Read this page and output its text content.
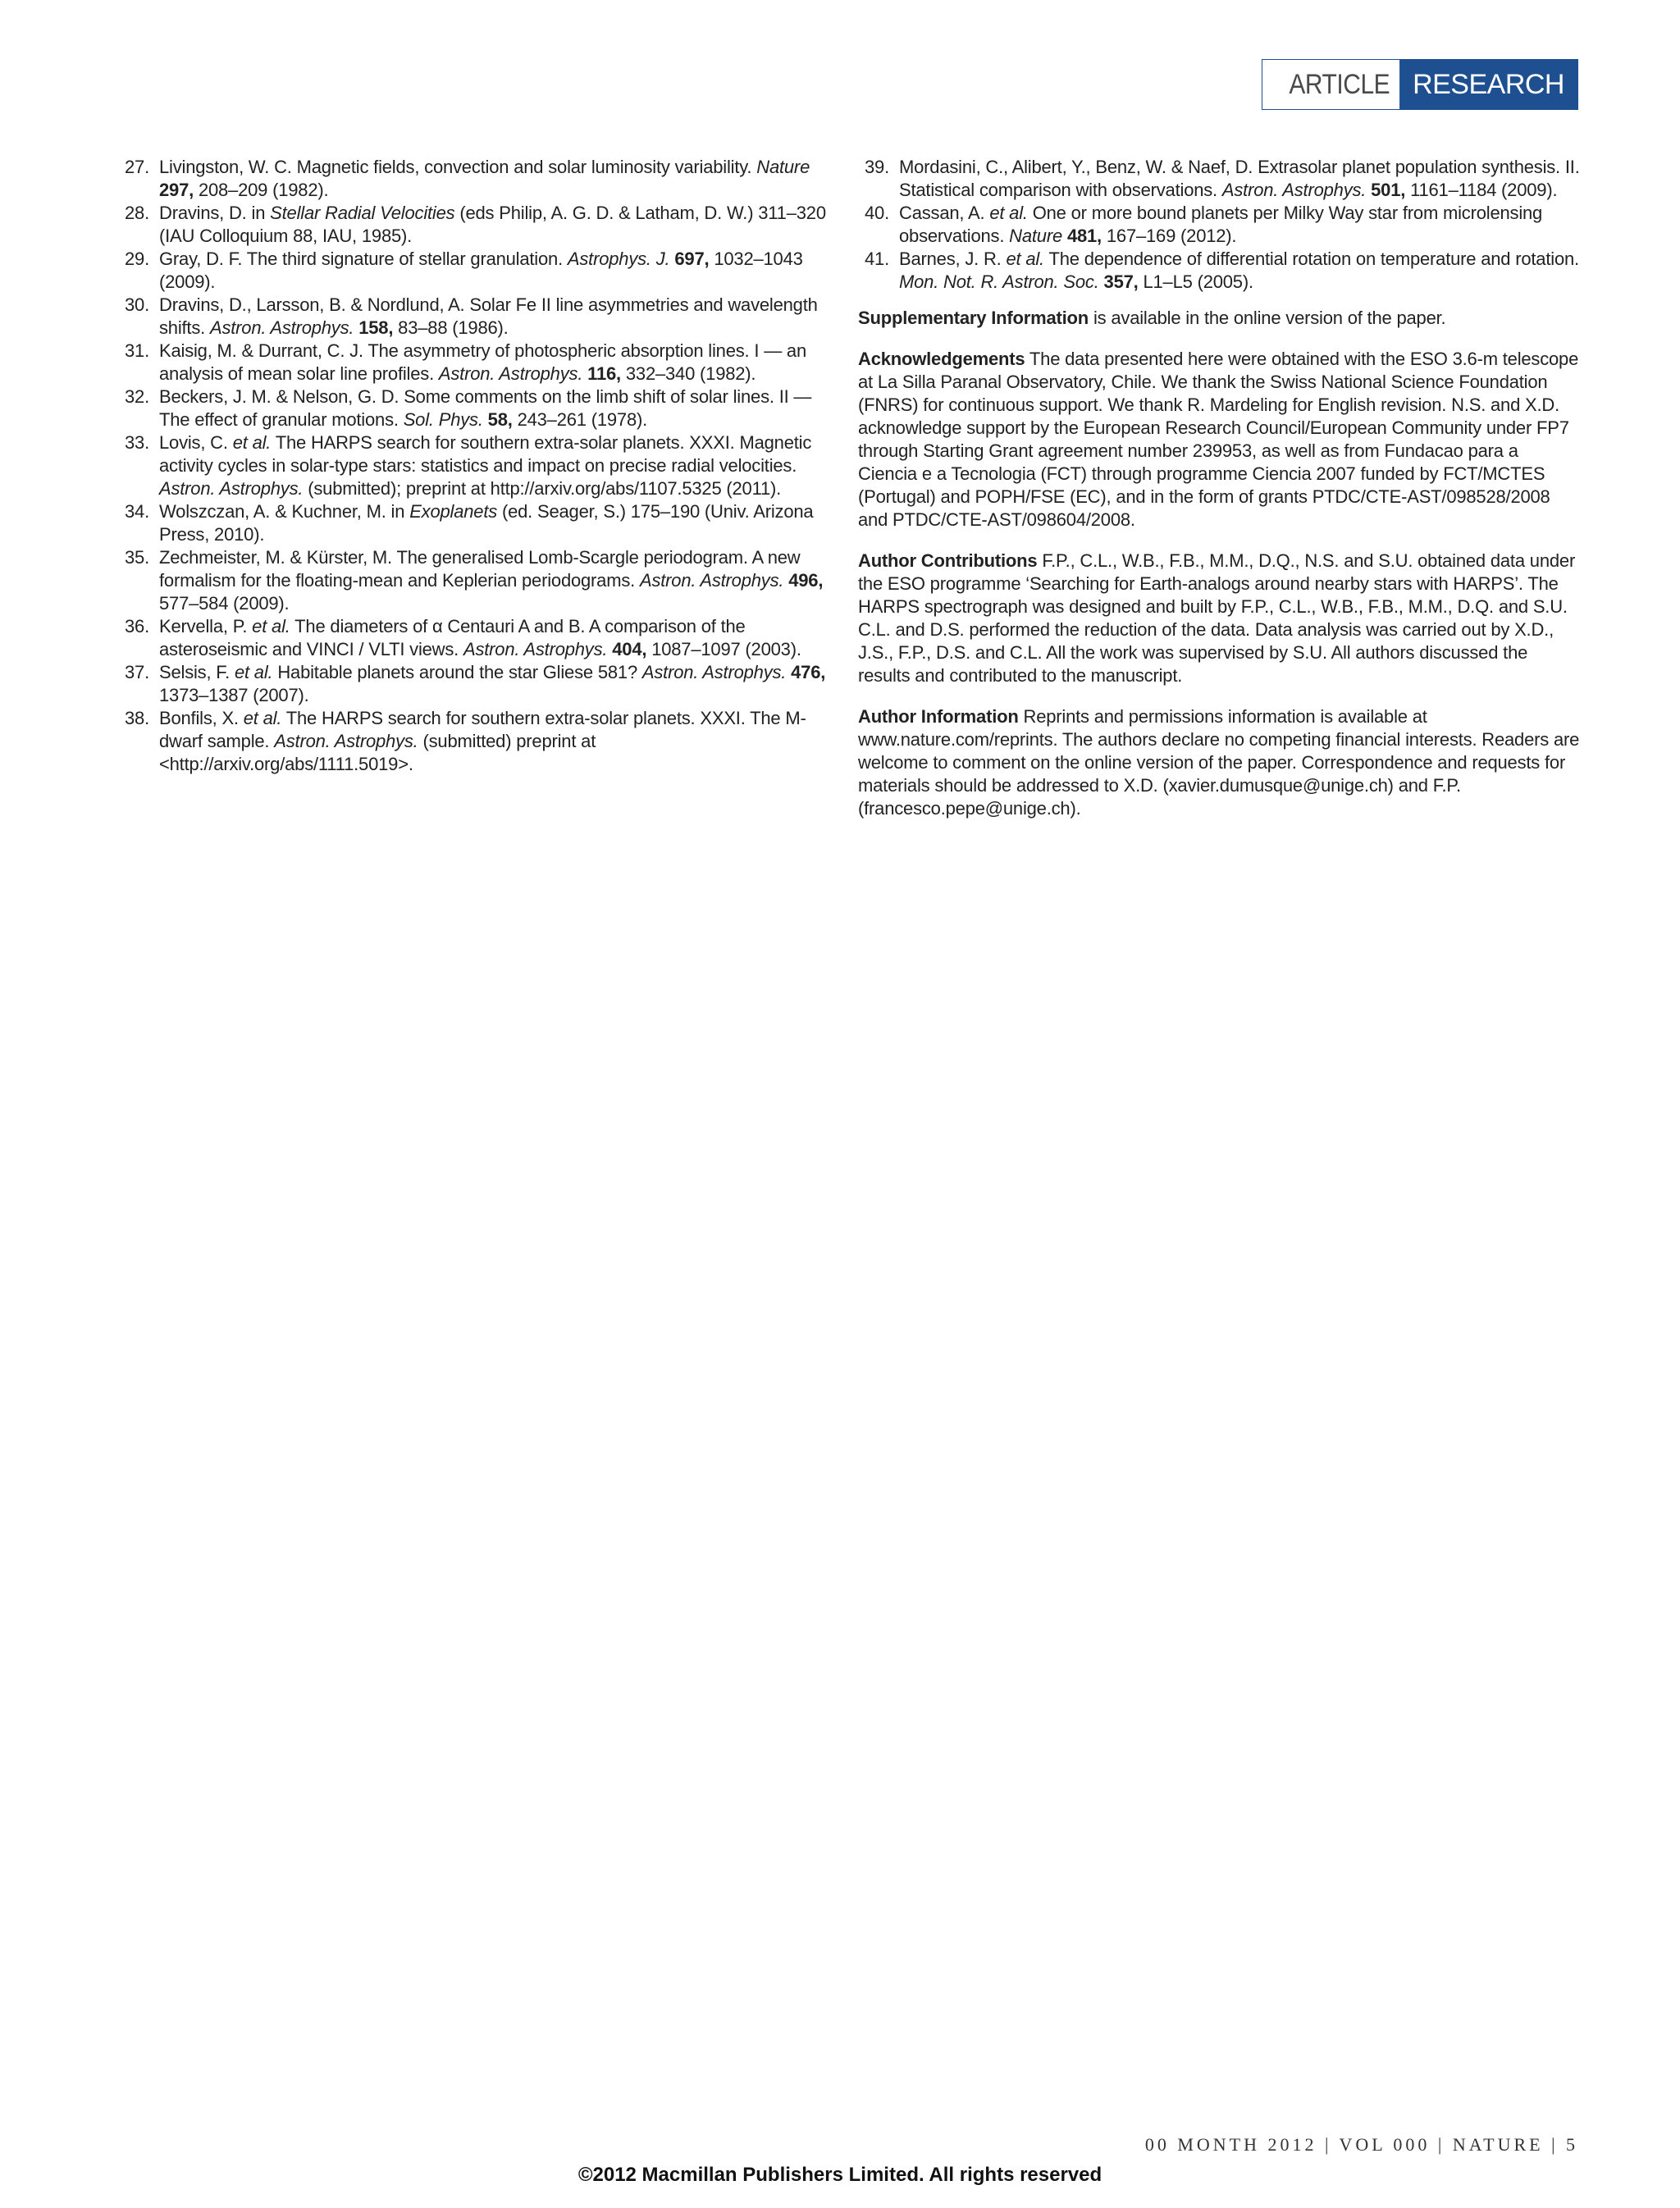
ARTICLE RESEARCH
27. Livingston, W. C. Magnetic fields, convection and solar luminosity variability. Nature 297, 208–209 (1982).
28. Dravins, D. in Stellar Radial Velocities (eds Philip, A. G. D. & Latham, D. W.) 311–320 (IAU Colloquium 88, IAU, 1985).
29. Gray, D. F. The third signature of stellar granulation. Astrophys. J. 697, 1032–1043 (2009).
30. Dravins, D., Larsson, B. & Nordlund, A. Solar Fe II line asymmetries and wavelength shifts. Astron. Astrophys. 158, 83–88 (1986).
31. Kaisig, M. & Durrant, C. J. The asymmetry of photospheric absorption lines. I — an analysis of mean solar line profiles. Astron. Astrophys. 116, 332–340 (1982).
32. Beckers, J. M. & Nelson, G. D. Some comments on the limb shift of solar lines. II — The effect of granular motions. Sol. Phys. 58, 243–261 (1978).
33. Lovis, C. et al. The HARPS search for southern extra-solar planets. XXXI. Magnetic activity cycles in solar-type stars: statistics and impact on precise radial velocities. Astron. Astrophys. (submitted); preprint at http://arxiv.org/abs/1107.5325 (2011).
34. Wolszczan, A. & Kuchner, M. in Exoplanets (ed. Seager, S.) 175–190 (Univ. Arizona Press, 2010).
35. Zechmeister, M. & Kürster, M. The generalised Lomb-Scargle periodogram. A new formalism for the floating-mean and Keplerian periodograms. Astron. Astrophys. 496, 577–584 (2009).
36. Kervella, P. et al. The diameters of α Centauri A and B. A comparison of the asteroseismic and VINCI / VLTI views. Astron. Astrophys. 404, 1087–1097 (2003).
37. Selsis, F. et al. Habitable planets around the star Gliese 581? Astron. Astrophys. 476, 1373–1387 (2007).
38. Bonfils, X. et al. The HARPS search for southern extra-solar planets. XXXI. The M-dwarf sample. Astron. Astrophys. (submitted) preprint at <http://arxiv.org/abs/1111.5019>.
39. Mordasini, C., Alibert, Y., Benz, W. & Naef, D. Extrasolar planet population synthesis. II. Statistical comparison with observations. Astron. Astrophys. 501, 1161–1184 (2009).
40. Cassan, A. et al. One or more bound planets per Milky Way star from microlensing observations. Nature 481, 167–169 (2012).
41. Barnes, J. R. et al. The dependence of differential rotation on temperature and rotation. Mon. Not. R. Astron. Soc. 357, L1–L5 (2005).

Supplementary Information is available in the online version of the paper.

Acknowledgements The data presented here were obtained with the ESO 3.6-m telescope at La Silla Paranal Observatory, Chile. We thank the Swiss National Science Foundation (FNRS) for continuous support. We thank R. Mardeling for English revision. N.S. and X.D. acknowledge support by the European Research Council/European Community under FP7 through Starting Grant agreement number 239953, as well as from Fundacao para a Ciencia e a Tecnologia (FCT) through programme Ciencia 2007 funded by FCT/MCTES (Portugal) and POPH/FSE (EC), and in the form of grants PTDC/CTE-AST/098528/2008 and PTDC/CTE-AST/098604/2008.

Author Contributions F.P., C.L., W.B., F.B., M.M., D.Q., N.S. and S.U. obtained data under the ESO programme ‘Searching for Earth-analogs around nearby stars with HARPS’. The HARPS spectrograph was designed and built by F.P., C.L., W.B., F.B., M.M., D.Q. and S.U. C.L. and D.S. performed the reduction of the data. Data analysis was carried out by X.D., J.S., F.P., D.S. and C.L. All the work was supervised by S.U. All authors discussed the results and contributed to the manuscript.

Author Information Reprints and permissions information is available at www.nature.com/reprints. The authors declare no competing financial interests. Readers are welcome to comment on the online version of the paper. Correspondence and requests for materials should be addressed to X.D. (xavier.dumusque@unige.ch) and F.P. (francesco.pepe@unige.ch).

00 MONTH 2012 | VOL 000 | NATURE | 5
©2012 Macmillan Publishers Limited. All rights reserved
